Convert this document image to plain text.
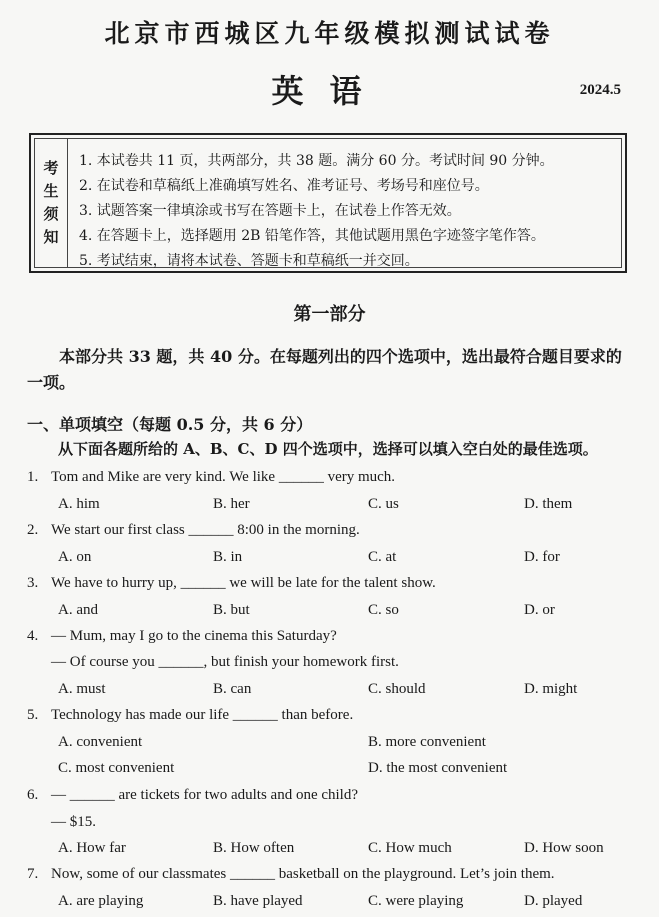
北京市西城区九年级模拟测试试卷
英语	2024.5
考
生
须
知
1. 本试卷共 11 页，共两部分，共 38 题。满分 60 分。考试时间 90 分钟。
2. 在试卷和草稿纸上准确填写姓名、准考证号、考场号和座位号。
3. 试题答案一律填涂或书写在答题卡上，在试卷上作答无效。
4. 在答题卡上，选择题用 2B 铅笔作答，其他试题用黑色字迹签字笔作答。
5. 考试结束，请将本试卷、答题卡和草稿纸一并交回。
第一部分
本部分共 33 题，共 40 分。在每题列出的四个选项中，选出最符合题目要求的一项。
一、单项填空（每题 0.5 分，共 6 分）
从下面各题所给的 A、B、C、D 四个选项中，选择可以填入空白处的最佳选项。
1. Tom and Mike are very kind. We like ______ very much.
A. him	B. her	C. us	D. them
2. We start our first class ______ 8:00 in the morning.
A. on	B. in	C. at	D. for
3. We have to hurry up, ______ we will be late for the talent show.
A. and	B. but	C. so	D. or
4. — Mum, may I go to the cinema this Saturday?
— Of course you ______, but finish your homework first.
A. must	B. can	C. should	D. might
5. Technology has made our life ______ than before.
A. convenient	B. more convenient
C. most convenient	D. the most convenient
6. — ______ are tickets for two adults and one child?
— $15.
A. How far	B. How often	C. How much	D. How soon
7. Now, some of our classmates ______ basketball on the playground. Let’s join them.
A. are playing	B. have played	C. were playing	D. played
